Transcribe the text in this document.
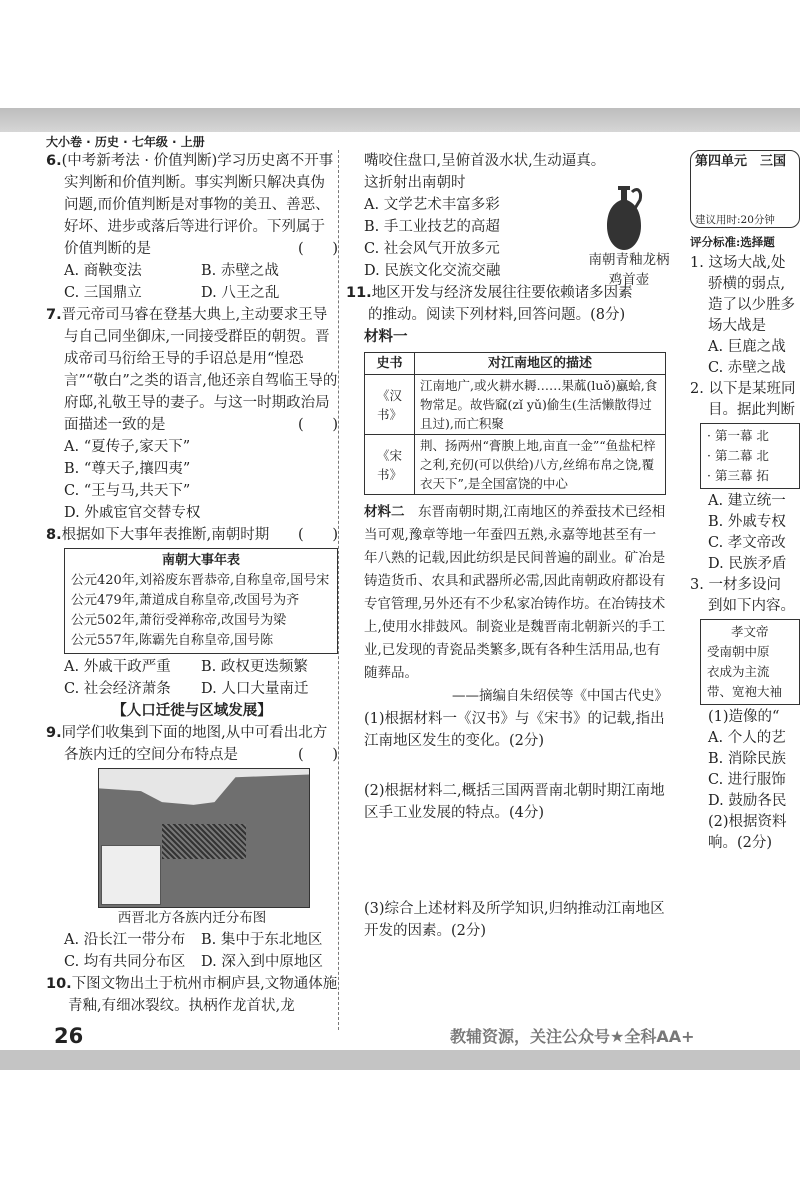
大小卷 · 历史 · 七年级 · 上册

6.(中考新考法 · 价值判断)学习历史离不开事实判断和价值判断。事实判断只解决真伪问题,而价值判断是对事物的美丑、善恶、好坏、进步或落后等进行评价。下列属于价值判断的是	( )

A. 商鞅变法	B. 赤壁之战
C. 三国鼎立	D. 八王之乱

7.晋元帝司马睿在登基大典上,主动要求王导与自己同坐御床,一同接受群臣的朝贺。晋成帝司马衍给王导的手诏总是用“惶恐言”“敬白”之类的语言,他还亲自驾临王导的府邸,礼敬王导的妻子。与这一时期政治局面描述一致的是	( )

A. “夏传子,家天下”
B. “尊天子,攘四夷”
C. “王与马,共天下”
D. 外戚宦官交替专权

8.根据如下大事年表推断,南朝时期 ( )

南朝大事年表
公元420年,刘裕废东晋恭帝,自称皇帝,国号宋
公元479年,萧道成自称皇帝,改国号为齐
公元502年,萧衍受禅称帝,改国号为梁
公元557年,陈霸先自称皇帝,国号陈
A. 外戚干政严重	B. 政权更迭频繁
C. 社会经济萧条	D. 人口大量南迁
【人口迁徙与区域发展】

9.同学们收集到下面的地图,从中可看出北方各族内迁的空间分布特点是	( )

西晋北方各族内迁分布图
A. 沿长江一带分布	B. 集中于东北地区
C. 均有共同分布区	D. 深入到中原地区

10.下图文物出土于杭州市桐庐县,文物通体施青釉,有细冰裂纹。执柄作龙首状,龙

嘴咬住盘口,呈俯首汲水状,生动逼真。这折射出南朝时

南朝青釉龙柄鸡首壶
A. 文学艺术丰富多彩
B. 手工业技艺的高超
C. 社会风气开放多元
D. 民族文化交流交融

11.地区开发与经济发展往往要依赖诸多因素的推动。阅读下列材料,回答问题。(8分)

材料一

史书	对江南地区的描述
《汉书》	江南地广,或火耕水耨……果蓏(luǒ)蠃蛤,食物常足。故呰窳(zǐ yǔ)偷生(生活懒散得过且过),而亡积聚
《宋书》	荆、扬两州“膏腴上地,亩直一金”“鱼盐杞梓之利,充仞(可以供给)八方,丝绵布帛之饶,覆衣天下”,是全国富饶的中心

材料二　 东晋南朝时期,江南地区的养蚕技术已经相当可观,豫章等地一年蚕四五熟,永嘉等地甚至有一年八熟的记载,因此纺织是民间普遍的副业。矿冶是铸造货币、农具和武器所必需,因此南朝政府都设有专官管理,另外还有不少私家冶铸作坊。在冶铸技术上,使用水排鼓风。制瓷业是魏晋南北朝新兴的手工业,已发现的青瓷品类繁多,既有各种生活用品,也有随葬品。

——摘编自朱绍侯等《中国古代史》

(1)根据材料一《汉书》与《宋书》的记载,指出江南地区发生的变化。(2分)

(2)根据材料二,概括三国两晋南北朝时期江南地区手工业发展的特点。(4分)

(3)综合上述材料及所学知识,归纳推动江南地区开发的因素。(2分)

第四单元　三国
建议用时:20分钟
评分标准:选择题
1. 这场大战,处
骄横的弱点,
造了以少胜多
场大战是
A. 巨鹿之战
C. 赤壁之战
2. 以下是某班同
目。据此判断
· 第一幕 北
· 第二幕 北
· 第三幕 拓
A. 建立统一
B. 外戚专权
C. 孝文帝改
D. 民族矛盾
3. 一材多设问
到如下内容。
孝文帝
受南朝中原
衣成为主流
带、宽袍大袖
(1)造像的“
A. 个人的艺
B. 消除民族
C. 进行服饰
D. 鼓励各民
(2)根据资料
响。(2分)
26	教辅资源，关注公众号★全科AA+
